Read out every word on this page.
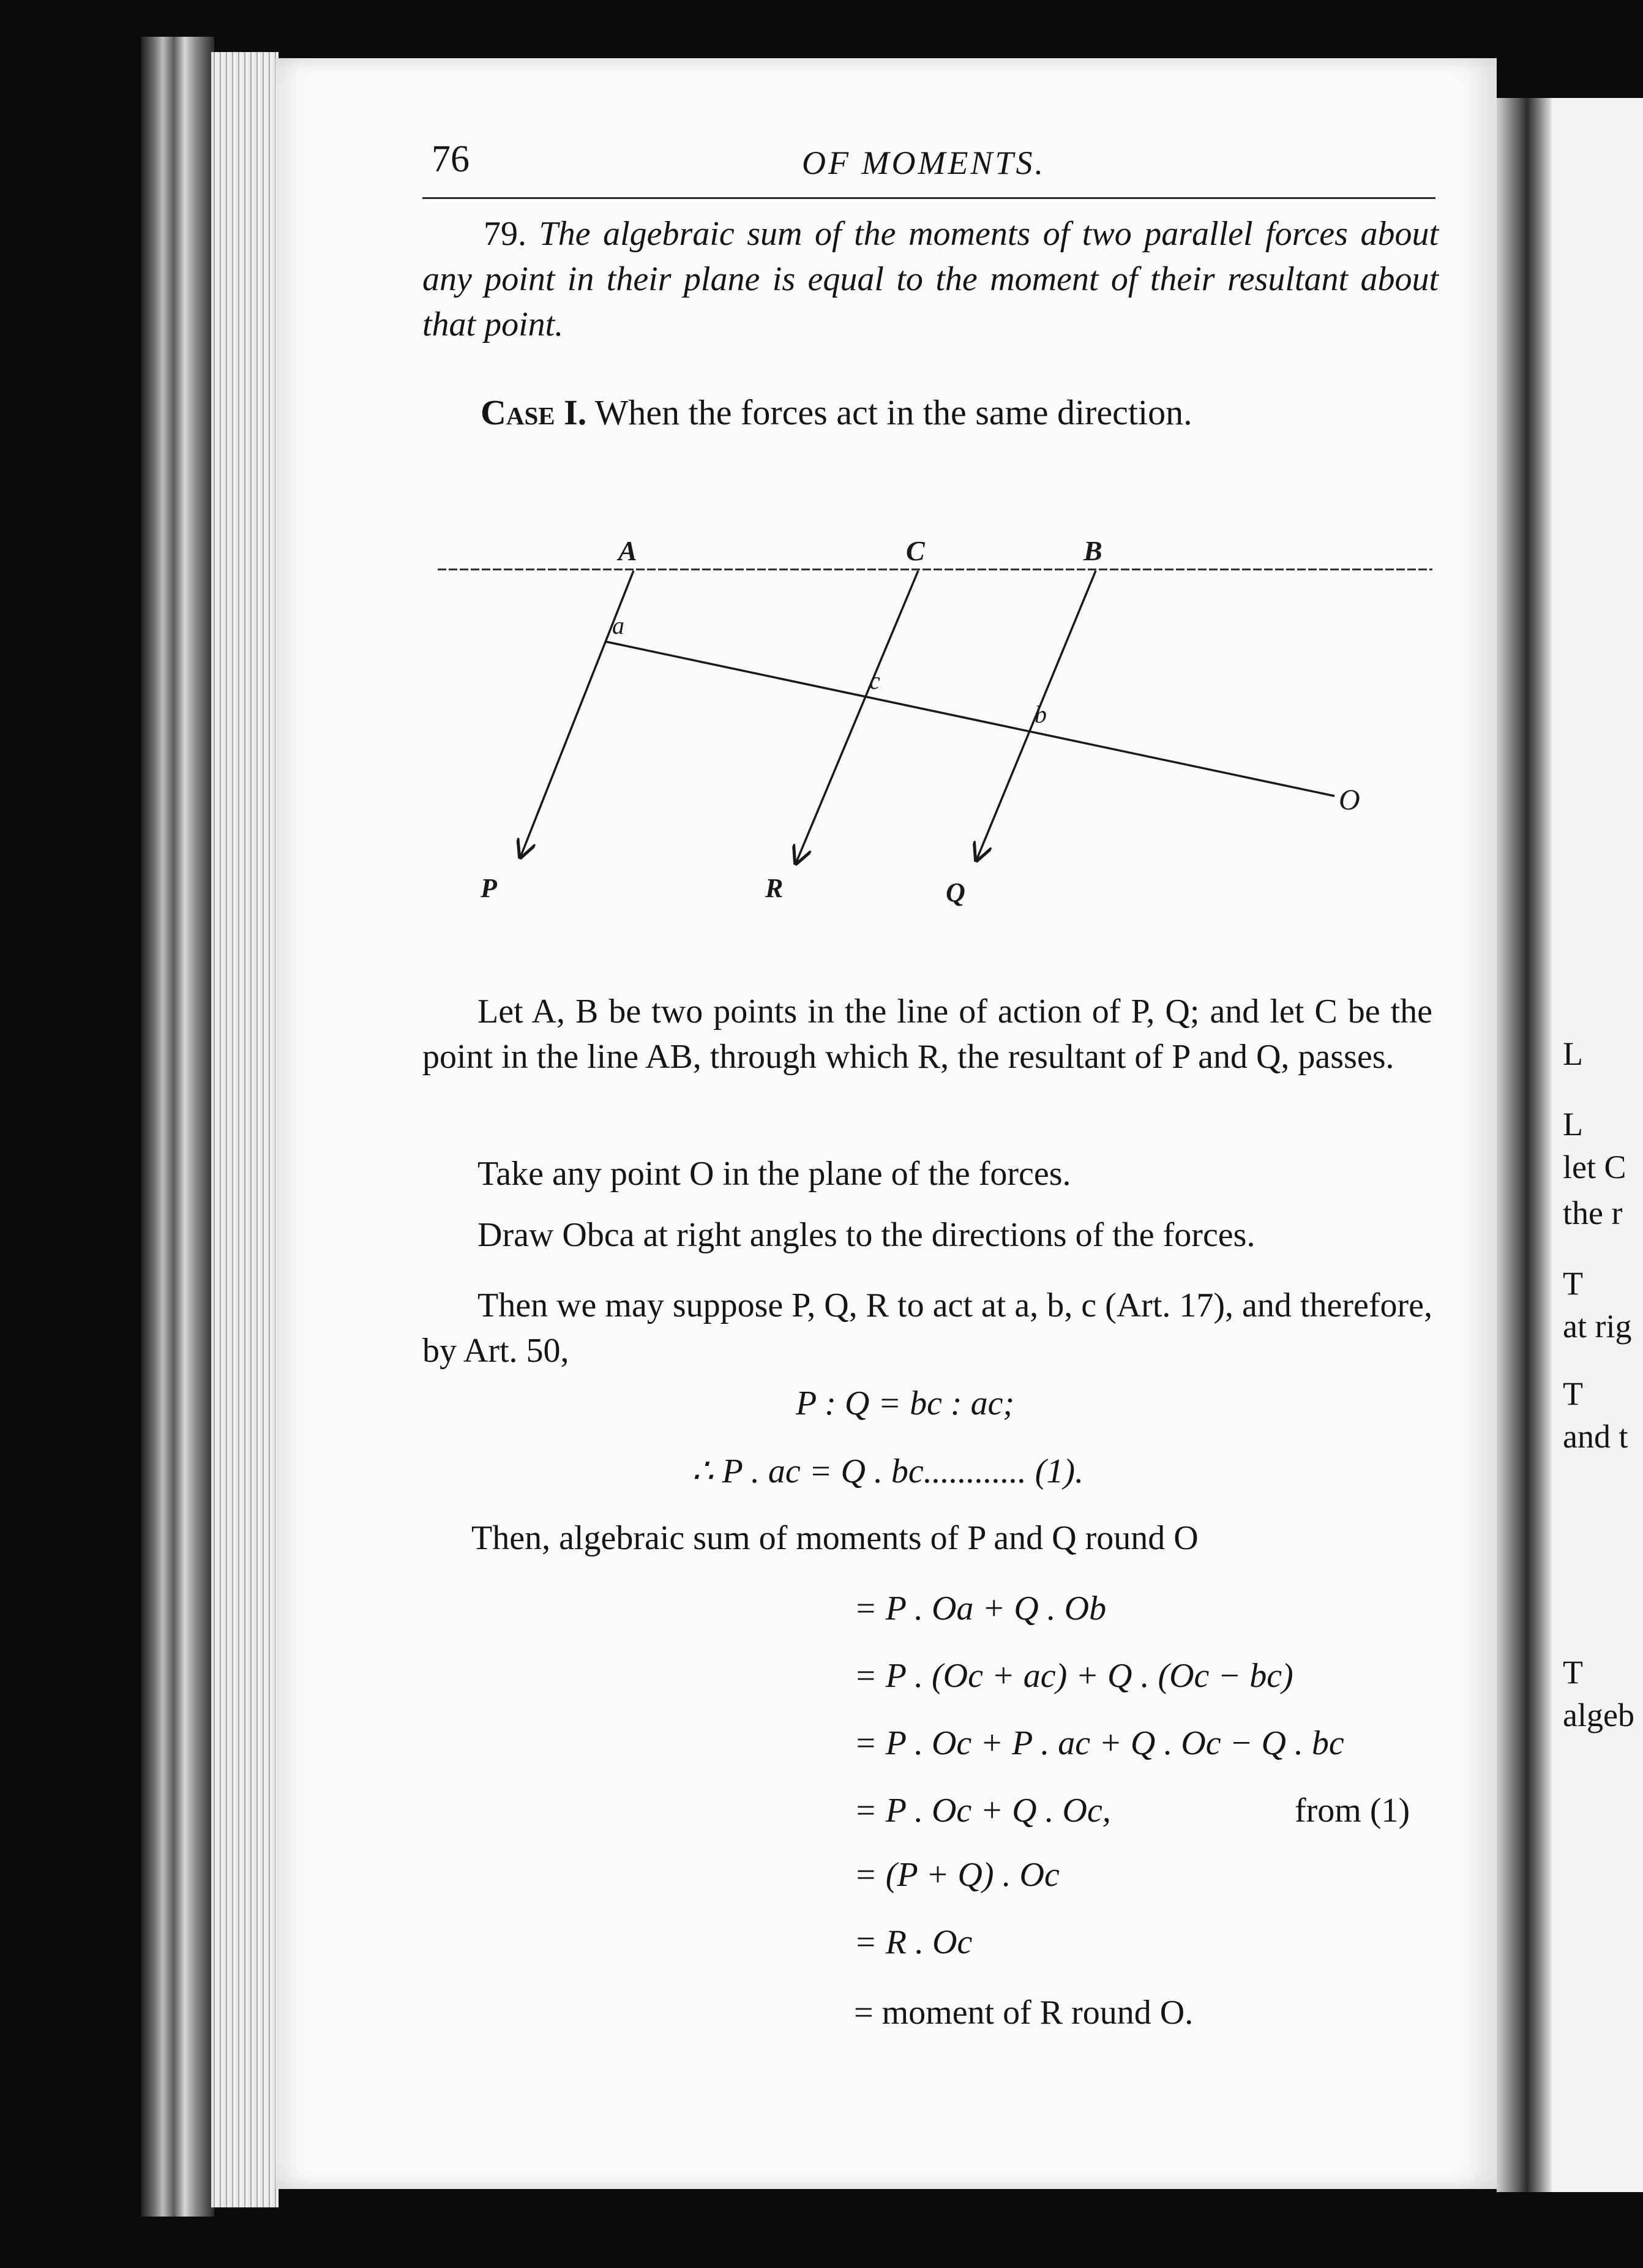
L
L
let C
the r
T
at rig
T
and t
T
algeb
76	OF MOMENTS.
79. The algebraic sum of the moments of two parallel forces about any point in their plane is equal to the moment of their resultant about that point.
Case I. When the forces act in the same direction.
A	C	B
a
c
b
O
P	R	Q
Let A, B be two points in the line of action of P, Q; and let C be the point in the line AB, through which R, the resultant of P and Q, passes.
Take any point O in the plane of the forces.
Draw Obca at right angles to the directions of the forces.
Then we may suppose P, Q, R to act at a, b, c (Art. 17), and therefore, by Art. 50,
P : Q = bc : ac;
∴ P . ac = Q . bc............ (1).
Then, algebraic sum of moments of P and Q round O
= P . Oa + Q . Ob
= P . (Oc + ac) + Q . (Oc − bc)
= P . Oc + P . ac + Q . Oc − Q . bc
= P . Oc + Q . Oc,	from (1)
= (P + Q) . Oc
= R . Oc
= moment of R round O.
